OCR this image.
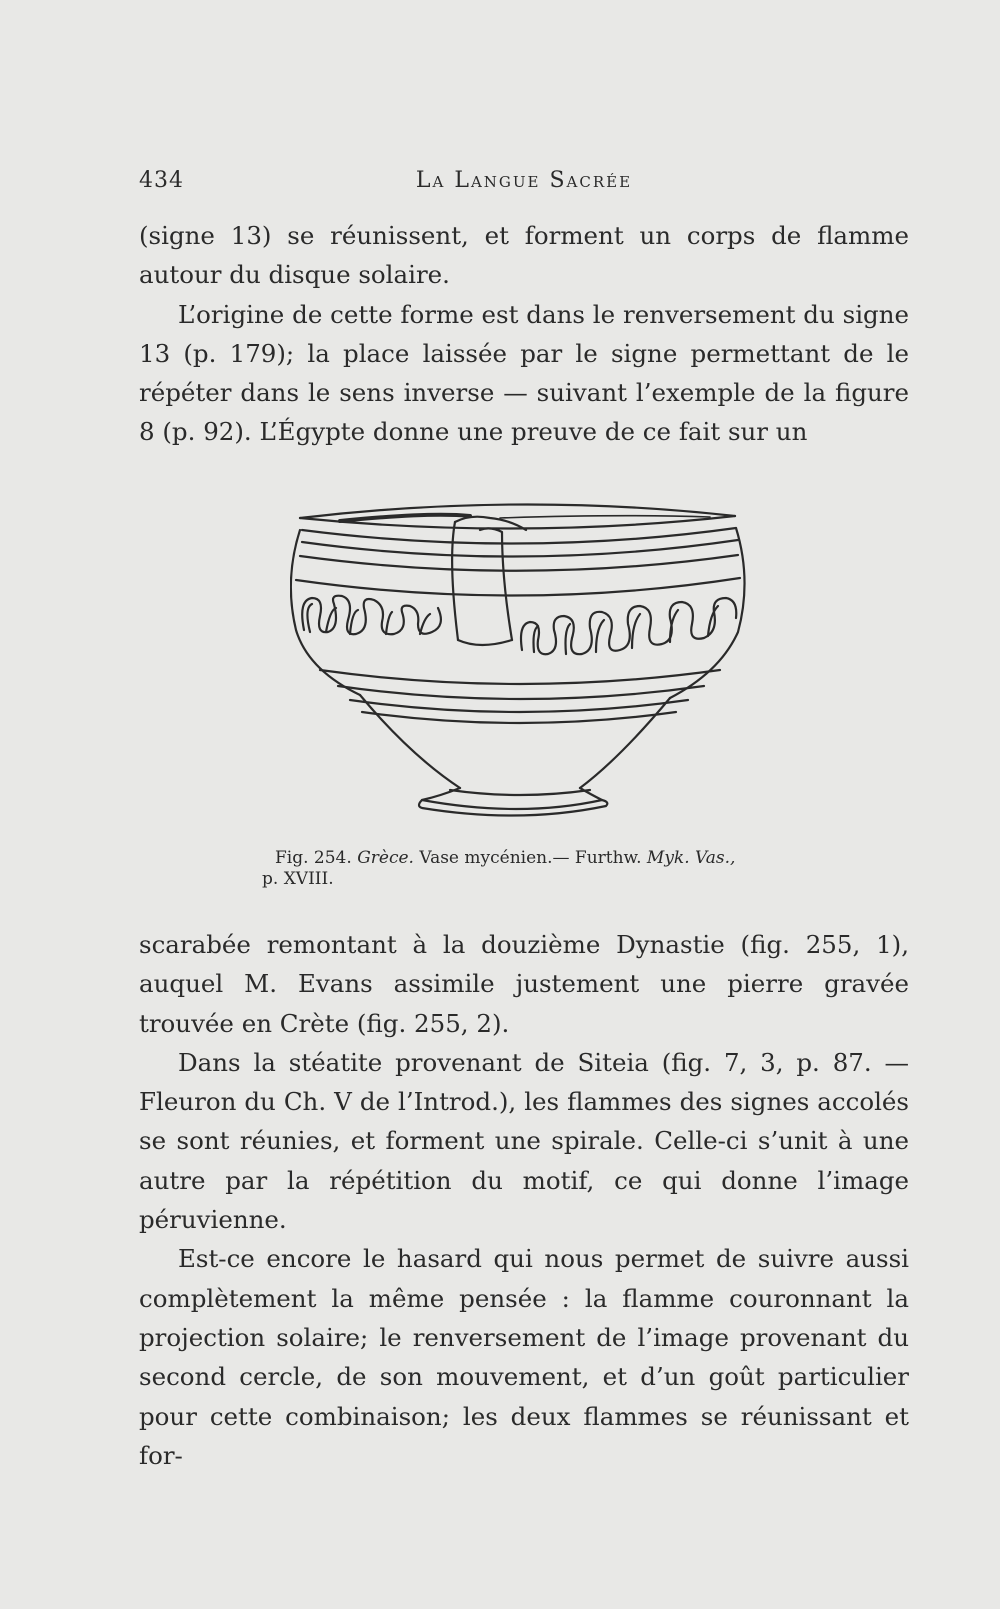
434	La Langue Sacrée

(signe 13) se réunissent, et forment un corps de flamme autour du disque solaire.

L’origine de cette forme est dans le renversement du signe 13 (p. 179); la place laissée par le signe permettant de le répéter dans le sens inverse — suivant l’exemple de la figure 8 (p. 92). L’Égypte donne une preuve de ce fait sur un

Fig. 254. Grèce. Vase mycénien.— Furthw. Myk. Vas.,
p. XVIII.

scarabée remontant à la douzième Dynastie (fig. 255, 1), auquel M. Evans assimile justement une pierre gravée trouvée en Crète (fig. 255, 2).

Dans la stéatite provenant de Siteia (fig. 7, 3, p. 87. — Fleuron du Ch. V de l’Introd.), les flammes des signes accolés se sont réunies, et forment une spirale. Celle-ci s’unit à une autre par la répétition du motif, ce qui donne l’image péruvienne.

Est-ce encore le hasard qui nous permet de suivre aussi complètement la même pensée : la flamme couronnant la projection solaire; le renversement de l’image provenant du second cercle, de son mouvement, et d’un goût particulier pour cette combinaison; les deux flammes se réunissant et for-
